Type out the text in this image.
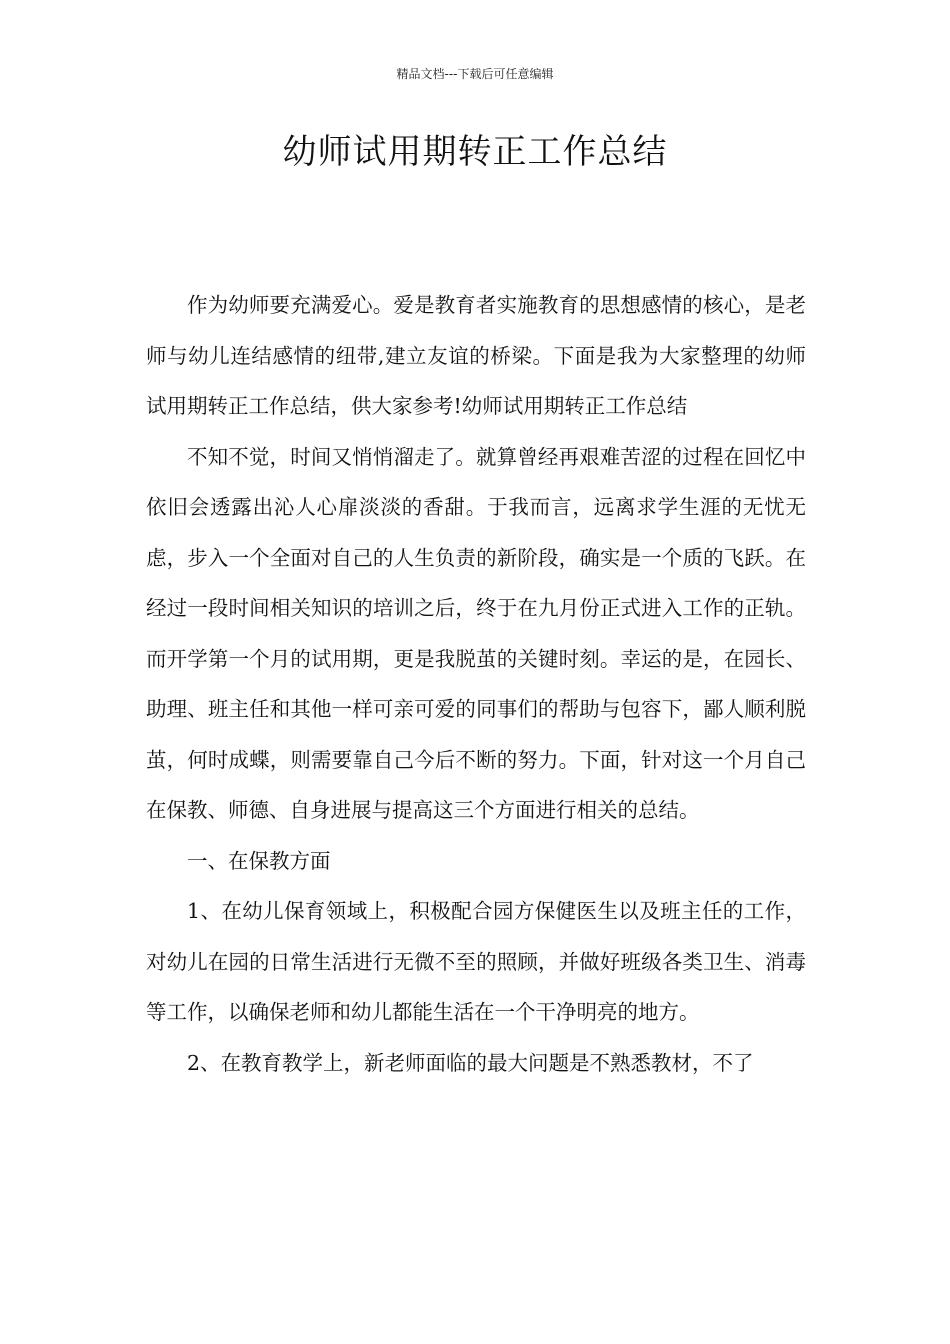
精品文档---下载后可任意编辑
幼师试用期转正工作总结

作为幼师要充满爱心。爱是教育者实施教育的思想感情的核心，是老师与幼儿连结感情的纽带,建立友谊的桥梁。下面是我为大家整理的幼师试用期转正工作总结，供大家参考!幼师试用期转正工作总结

不知不觉，时间又悄悄溜走了。就算曾经再艰难苦涩的过程在回忆中依旧会透露出沁人心扉淡淡的香甜。于我而言，远离求学生涯的无忧无虑，步入一个全面对自己的人生负责的新阶段，确实是一个质的飞跃。在经过一段时间相关知识的培训之后，终于在九月份正式进入工作的正轨。而开学第一个月的试用期，更是我脱茧的关键时刻。幸运的是，在园长、助理、班主任和其他一样可亲可爱的同事们的帮助与包容下，鄙人顺利脱茧，何时成蝶，则需要靠自己今后不断的努力。下面，针对这一个月自己在保教、师德、自身进展与提高这三个方面进行相关的总结。

一、在保教方面

1、在幼儿保育领域上，积极配合园方保健医生以及班主任的工作，对幼儿在园的日常生活进行无微不至的照顾，并做好班级各类卫生、消毒等工作，以确保老师和幼儿都能生活在一个干净明亮的地方。

2、在教育教学上，新老师面临的最大问题是不熟悉教材，不了
